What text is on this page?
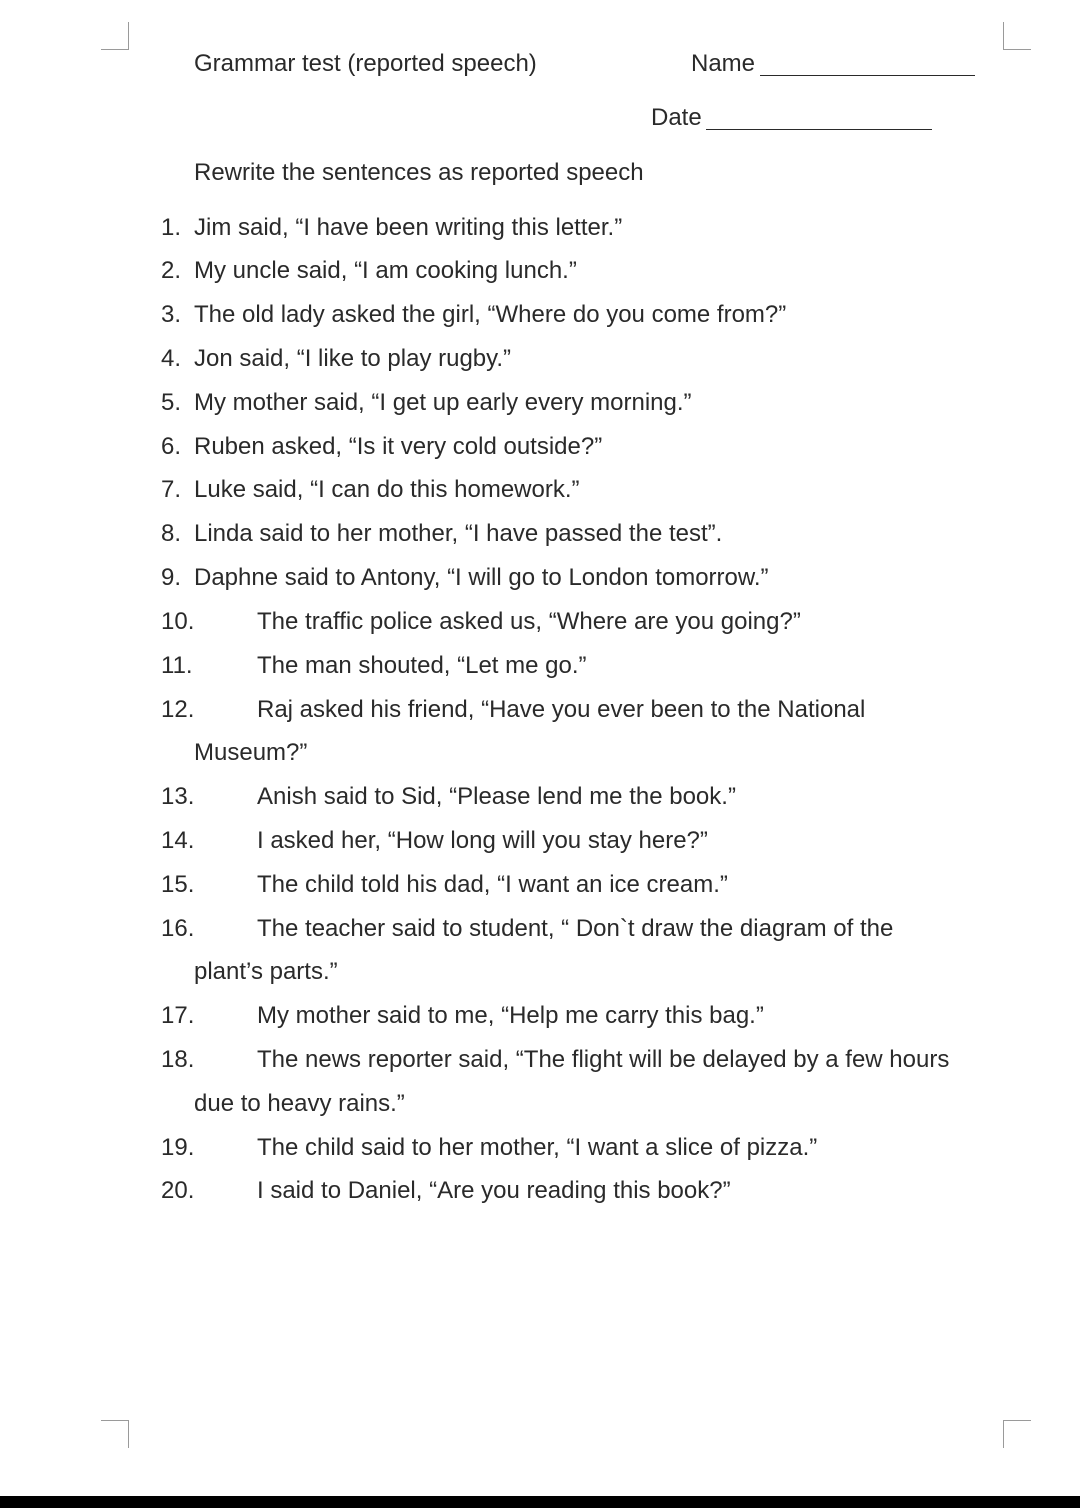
Grammar test (reported speech)	Name
Date
Rewrite the sentences as reported speech
1. Jim said, “I have been writing this letter.”
2. My uncle said, “I am cooking lunch.”
3. The old lady asked the girl, “Where do you come from?”
4. Jon said, “I like to play rugby.”
5. My mother said, “I get up early every morning.”
6. Ruben asked, “Is it very cold outside?”
7. Luke said, “I can do this homework.”
8. Linda said to her mother, “I have passed the test”.
9. Daphne said to Antony, “I will go to London tomorrow.”
10.	The traffic police asked us, “Where are you going?”
11.	The man shouted, “Let me go.”
12.	Raj asked his friend, “Have you ever been to the National
Museum?”
13.	Anish said to Sid, “Please lend me the book.”
14.	I asked her, “How long will you stay here?”
15.	The child told his dad, “I want an ice cream.”
16.	The teacher said to student, “ Don`t draw the diagram of the
plant’s parts.”
17.	My mother said to me, “Help me carry this bag.”
18.	The news reporter said, “The flight will be delayed by a few hours
due to heavy rains.”
19.	The child said to her mother, “I want a slice of pizza.”
20.	I said to Daniel, “Are you reading this book?”
